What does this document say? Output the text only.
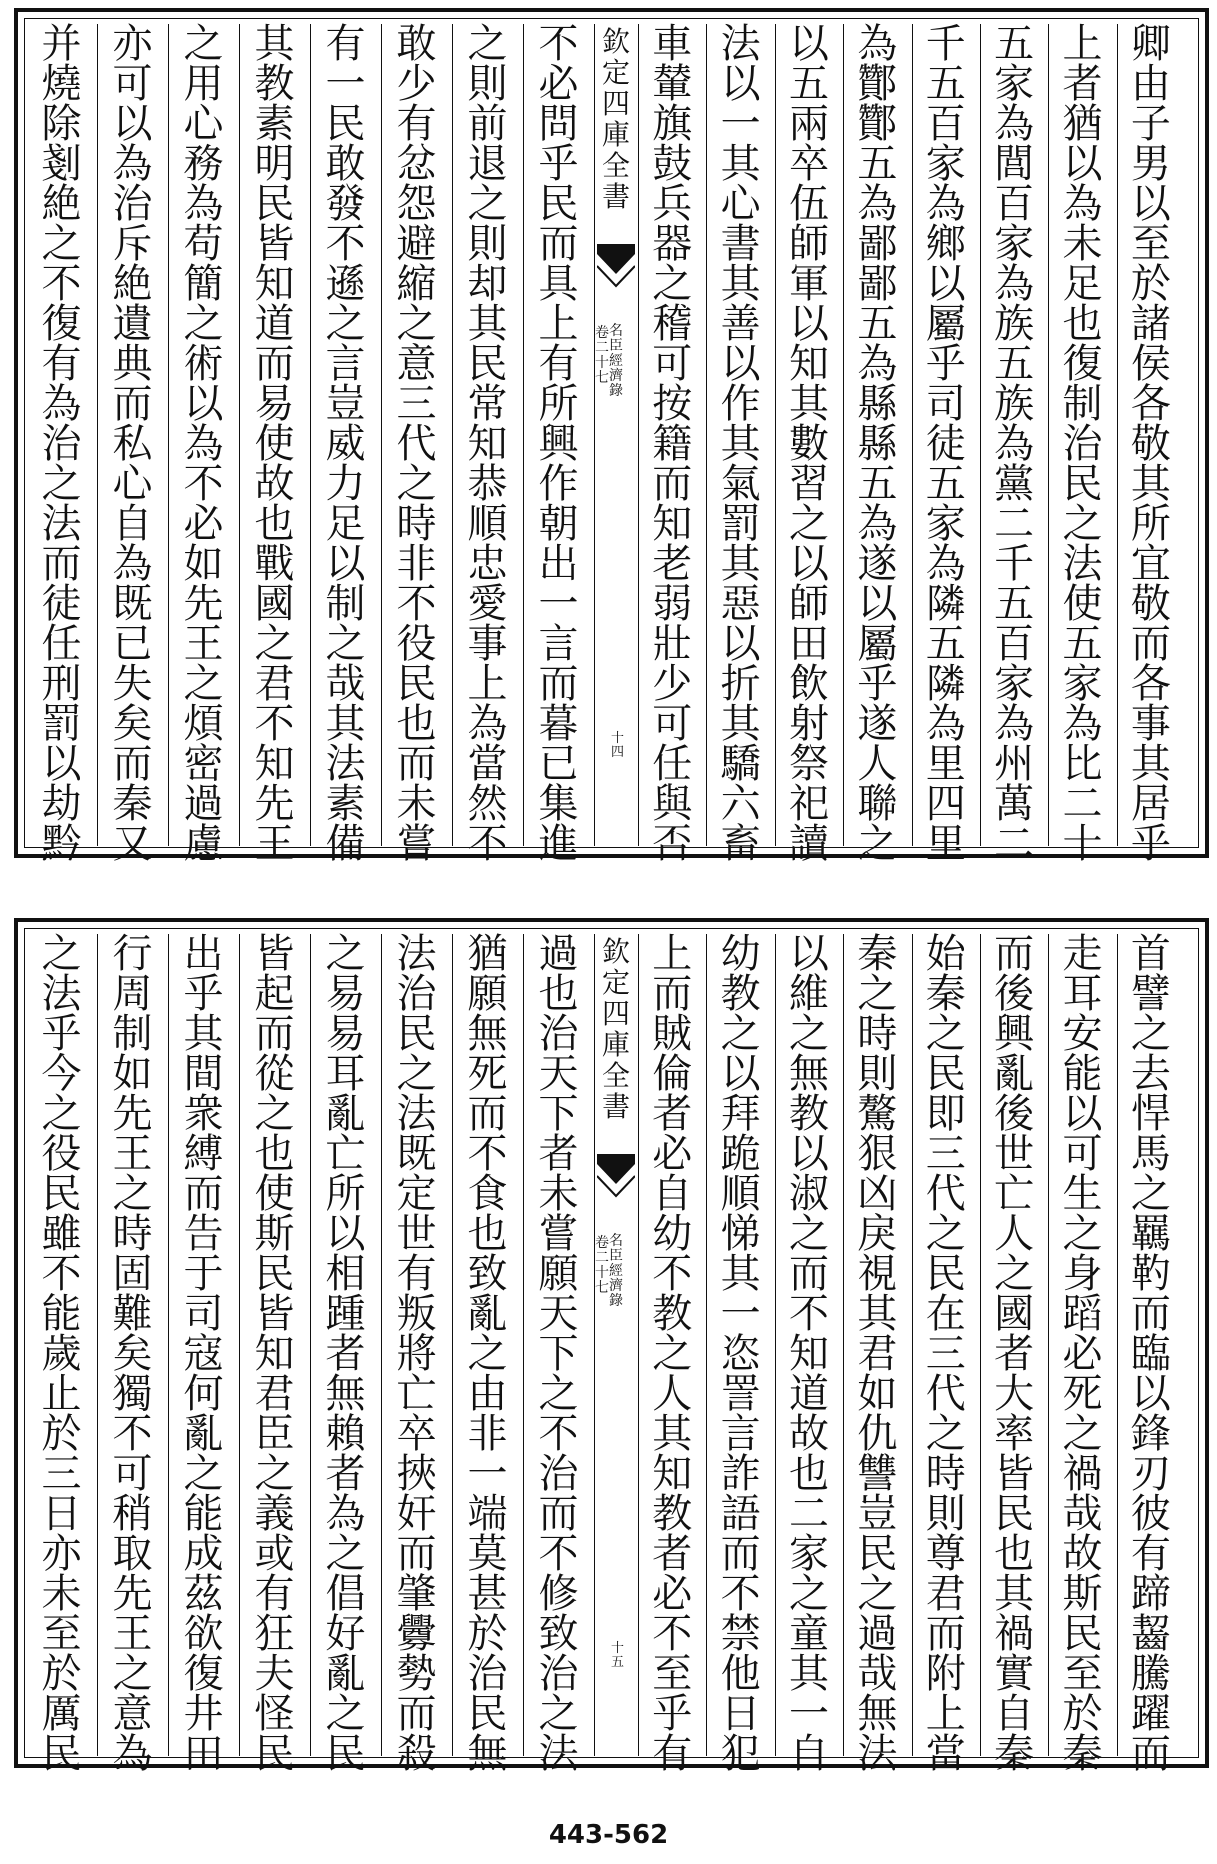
卿
由
子
男
以
至
於
諸
侯
各
敬
其
所
宜
敬
而
各
事
其
居
乎
上
者
猶
以
為
未
足
也
復
制
治
民
之
法
使
五
家
為
比
二
十
五
家
為
閭
百
家
為
族
五
族
為
黨
二
千
五
百
家
為
州
萬
二
千
五
百
家
為
鄉
以
屬
乎
司
徒
五
家
為
隣
五
隣
為
里
四
里
為
酇
酇
五
為
鄙
鄙
五
為
縣
縣
五
為
遂
以
屬
乎
遂
人
聯
之
以
五
兩
卒
伍
師
軍
以
知
其
數
習
之
以
師
田
飲
射
祭
祀
讀
法
以
一
其
心
書
其
善
以
作
其
氣
罰
其
惡
以
折
其
驕
六
畜
車
輦
旗
鼓
兵
器
之
稽
可
按
籍
而
知
老
弱
壯
少
可
任
與
否
欽
定
四
庫
全
書
名
臣
經
濟
錄
卷
二
十
七
十
四
不
必
問
乎
民
而
具
上
有
所
興
作
朝
出
一
言
而
暮
已
集
進
之
則
前
退
之
則
却
其
民
常
知
恭
順
忠
愛
事
上
為
當
然
不
敢
少
有
忿
怨
避
縮
之
意
三
代
之
時
非
不
役
民
也
而
未
嘗
有
一
民
敢
發
不
遜
之
言
豈
威
力
足
以
制
之
哉
其
法
素
備
其
教
素
明
民
皆
知
道
而
易
使
故
也
戰
國
之
君
不
知
先
王
之
用
心
務
為
苟
簡
之
術
以
為
不
必
如
先
王
之
煩
密
過
慮
亦
可
以
為
治
斥
絶
遺
典
而
私
心
自
為
既
已
失
矣
而
秦
又
并
燒
除
剗
絶
之
不
復
有
為
治
之
法
而
徒
任
刑
罰
以
劫
黔
首
譬
之
去
悍
馬
之
羈
靮
而
臨
以
鋒
刃
彼
有
蹄
齧
騰
躍
而
走
耳
安
能
以
可
生
之
身
蹈
必
死
之
禍
哉
故
斯
民
至
於
秦
而
後
興
亂
後
世
亡
人
之
國
者
大
率
皆
民
也
其
禍
實
自
秦
始
秦
之
民
即
三
代
之
民
在
三
代
之
時
則
尊
君
而
附
上
當
秦
之
時
則
驁
狠
凶
戾
視
其
君
如
仇
讐
豈
民
之
過
哉
無
法
以
維
之
無
教
以
淑
之
而
不
知
道
故
也
二
家
之
童
其
一
自
幼
教
之
以
拜
跪
順
悌
其
一
恣
詈
言
詐
語
而
不
禁
他
日
犯
上
而
賊
倫
者
必
自
幼
不
教
之
人
其
知
教
者
必
不
至
乎
有
欽
定
四
庫
全
書
名
臣
經
濟
錄
卷
二
十
七
十
五
過
也
治
天
下
者
未
嘗
願
天
下
之
不
治
而
不
修
致
治
之
法
猶
願
無
死
而
不
食
也
致
亂
之
由
非
一
端
莫
甚
於
治
民
無
法
治
民
之
法
既
定
世
有
叛
將
亡
卒
挾
奸
而
肇
釁
勢
而
殺
之
易
易
耳
亂
亡
所
以
相
踵
者
無
賴
者
為
之
倡
好
亂
之
民
皆
起
而
從
之
也
使
斯
民
皆
知
君
臣
之
義
或
有
狂
夫
怪
民
出
乎
其
間
衆
縛
而
告
于
司
寇
何
亂
之
能
成
茲
欲
復
井
田
行
周
制
如
先
王
之
時
固
難
矣
獨
不
可
稍
取
先
王
之
意
為
之
法
乎
今
之
役
民
雖
不
能
歲
止
於
三
日
亦
未
至
於
厲
民
443-562
